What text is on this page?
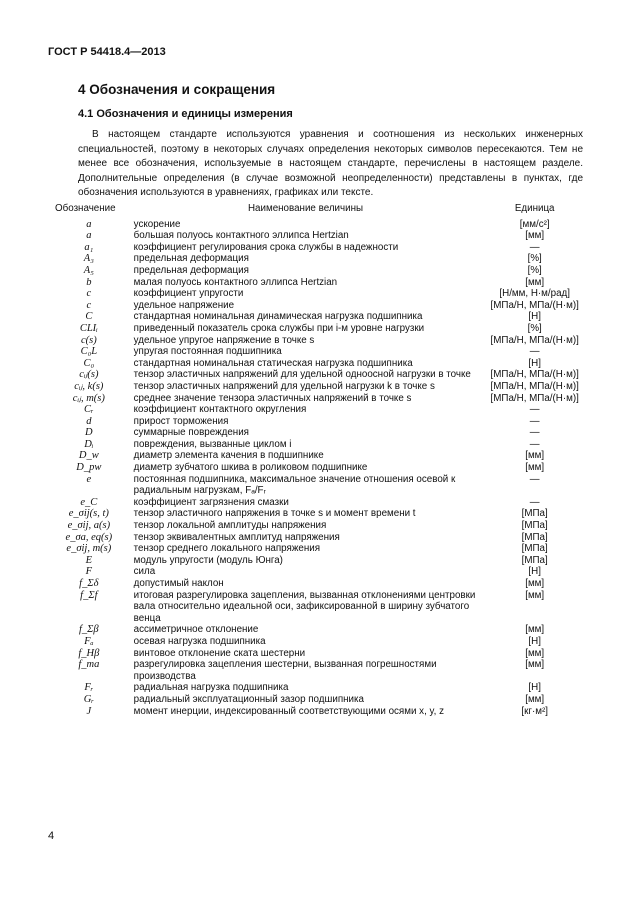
ГОСТ Р 54418.4—2013
4 Обозначения и сокращения
4.1 Обозначения и единицы измерения

В настоящем стандарте используются уравнения и соотношения из нескольких инженерных специальностей, поэтому в некоторых случаях определения некоторых символов пересекаются. Тем не менее все обозначения, используемые в настоящем стандарте, перечислены в настоящем разделе. Дополнительные определения (в случае возможной неопределенности) представлены в пунктах, где обозначения используются в уравнениях, графиках или тексте.

Обозначение	Наименование величины	Единица
a	ускорение	[мм/с²]
a	большая полуось контактного эллипса Hertzian	[мм]
a₁	коэффициент регулирования срока службы в надежности	—
A₃	предельная деформация	[%]
A₅	предельная деформация	[%]
b	малая полуось контактного эллипса Hertzian	[мм]
c	коэффициент упругости	[Н/мм, Н·м/рад]
c	удельное напряжение	[МПа/Н, МПа/(Н·м)]
C	стандартная номинальная динамическая нагрузка подшипника	[Н]
CLIᵢ	приведенный показатель срока службы при i-м уровне нагрузки	[%]
c(s)	удельное упругое напряжение в точке s	[МПа/Н, МПа/(Н·м)]
C₀L	упругая постоянная подшипника	—
C₀	стандартная номинальная статическая нагрузка подшипника	[Н]
cᵢⱼ(s)	тензор эластичных напряжений для удельной одноосной нагрузки в точке	[МПа/Н, МПа/(Н·м)]
cᵢⱼ, k(s)	тензор эластичных напряжений для удельной нагрузки k в точке s	[МПа/Н, МПа/(Н·м)]
cᵢⱼ, m(s)	среднее значение тензора эластичных напряжений в точке s	[МПа/Н, МПа/(Н·м)]
Cᵣ	коэффициент контактного округления	—
d	прирост торможения	—
D	суммарные повреждения	—
Dᵢ	повреждения, вызванные циклом i	—
D_w	диаметр элемента качения в подшипнике	[мм]
D_pw	диаметр зубчатого шкива в роликовом подшипнике	[мм]
e	постоянная подшипника, максимальное значение отношения осевой к радиальным нагрузкам, Fₐ/Fᵣ	—
e_C	коэффициент загрязнения смазки	—
e_σij(s, t)	тензор эластичного напряжения в точке s и момент времени t	[МПа]
e_σij, a(s)	тензор локальной амплитуды напряжения	[МПа]
e_σa, eq(s)	тензор эквивалентных амплитуд напряжения	[МПа]
e_σij, m(s)	тензор среднего локального напряжения	[МПа]
E	модуль упругости (модуль Юнга)	[МПа]
F	сила	[Н]
f_Σδ	допустимый наклон	[мм]
f_Σf	итоговая разрегулировка зацепления, вызванная отклонениями центровки вала относительно идеальной оси, зафиксированной в ширину зубчатого венца	[мм]
f_Σβ	ассиметричное отклонение	[мм]
Fₐ	осевая нагрузка подшипника	[Н]
f_Hβ	винтовое отклонение ската шестерни	[мм]
f_ma	разрегулировка зацепления шестерни, вызванная погрешностями производства	[мм]
Fᵣ	радиальная нагрузка подшипника	[Н]
Gᵣ	радиальный эксплуатационный зазор подшипника	[мм]
J	момент инерции, индексированный соответствующими осями x, y, z	[кг·м²]
4
